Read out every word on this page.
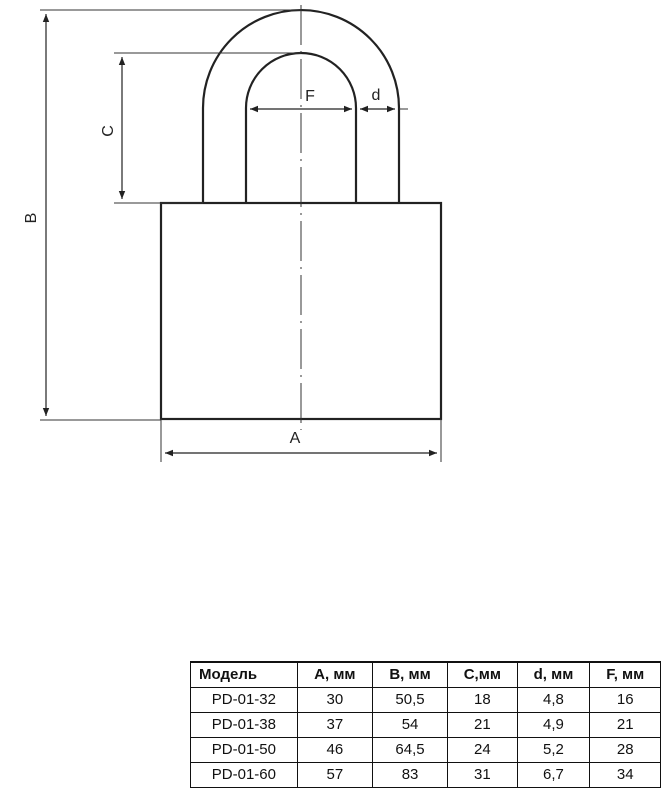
B
C
F	d
A
Модель	A, мм	B, мм	C,мм	d, мм	F, мм
PD-01-32	30	50,5	18	4,8	16
PD-01-38	37	54	21	4,9	21
PD-01-50	46	64,5	24	5,2	28
PD-01-60	57	83	31	6,7	34
